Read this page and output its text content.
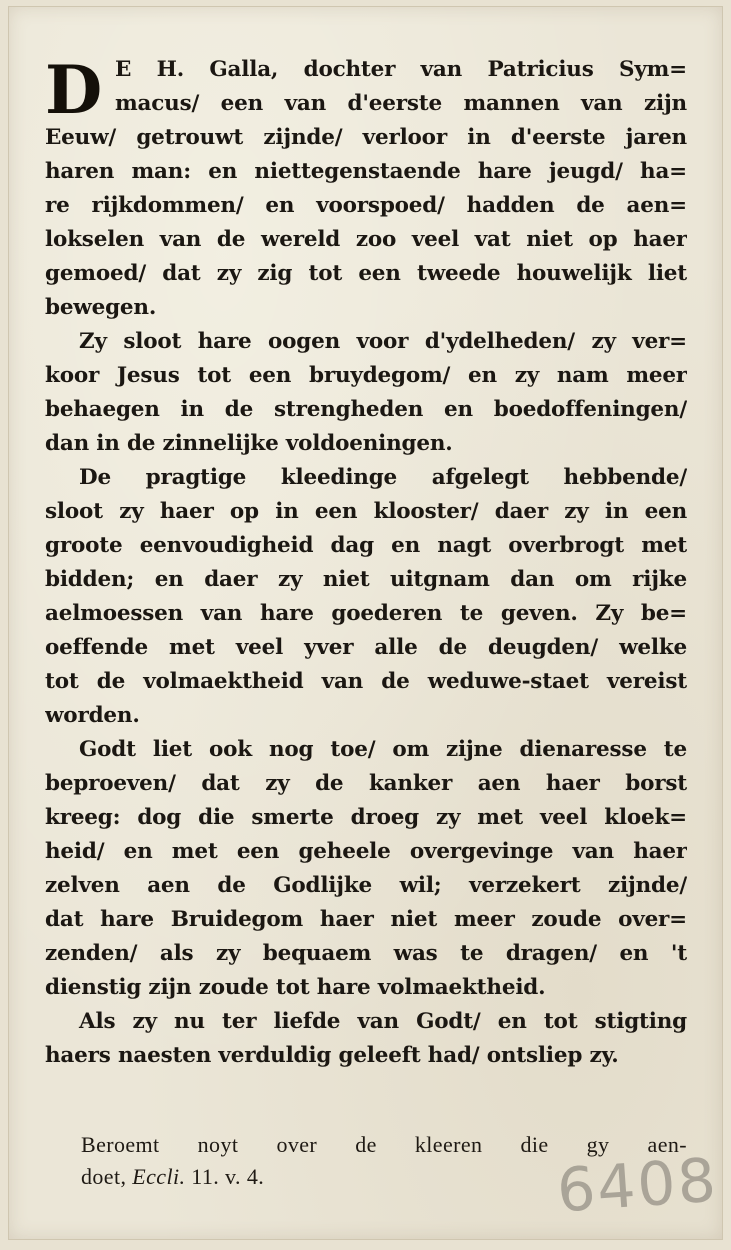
D E H. Galla, dochter van Patricius Sym=
macus/ een van d'eerste mannen van zijn
Eeuw/ getrouwt zijnde/ verloor in d'eerste jaren
haren man: en niettegenstaende hare jeugd/ ha=
re rijkdommen/ en voorspoed/ hadden de aen=
lokselen van de wereld zoo veel vat niet op haer
gemoed/ dat zy zig tot een tweede houwelijk liet
bewegen.
Zy sloot hare oogen voor d'ydelheden/ zy ver=
koor Jesus tot een bruydegom/ en zy nam meer
behaegen in de strengheden en boedoffeningen/
dan in de zinnelijke voldoeningen.
De pragtige kleedinge afgelegt hebbende/
sloot zy haer op in een klooster/ daer zy in een
groote eenvoudigheid dag en nagt overbrogt met
bidden; en daer zy niet uitgnam dan om rijke
aelmoessen van hare goederen te geven. Zy be=
oeffende met veel yver alle de deugden/ welke
tot de volmaektheid van de weduwe-staet vereist
worden.
Godt liet ook nog toe/ om zijne dienaresse te
beproeven/ dat zy de kanker aen haer borst
kreeg: dog die smerte droeg zy met veel kloek=
heid/ en met een geheele overgevinge van haer
zelven aen de Godlijke wil; verzekert zijnde/
dat hare Bruidegom haer niet meer zoude over=
zenden/ als zy bequaem was te dragen/ en 't
dienstig zijn zoude tot hare volmaektheid.
Als zy nu ter liefde van Godt/ en tot stigting
haers naesten verduldig geleeft had/ ontsliep zy.
Beroemt noyt over de kleeren die gy aen-
doet, Eccli. 11. v. 4.	6408
